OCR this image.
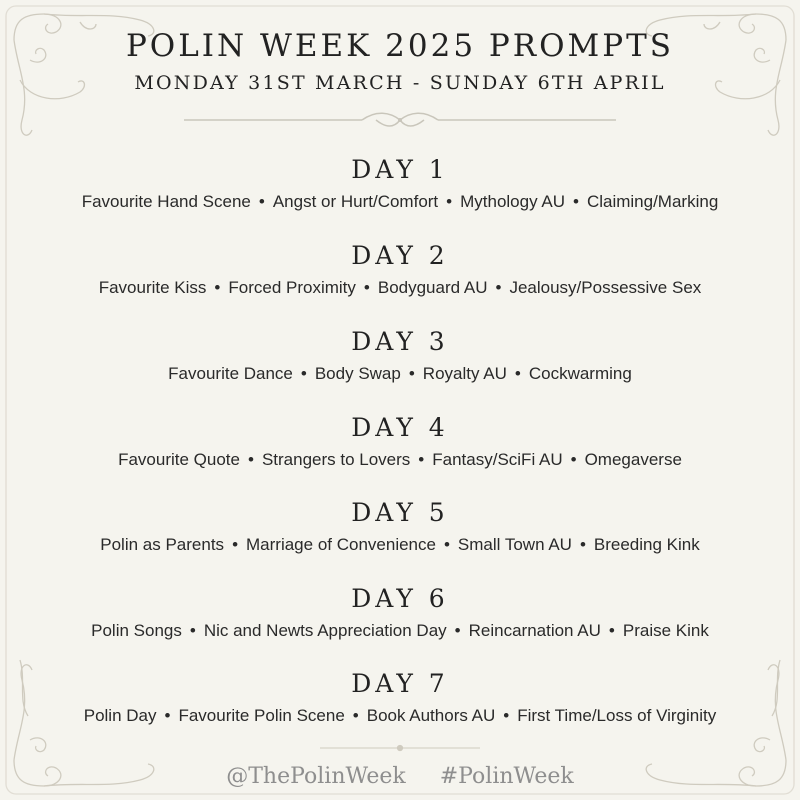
POLIN WEEK 2025 PROMPTS
MONDAY 31ST MARCH - SUNDAY 6TH APRIL
DAY 1
Favourite Hand Scene • Angst or Hurt/Comfort • Mythology AU • Claiming/Marking
DAY 2
Favourite Kiss • Forced Proximity • Bodyguard AU • Jealousy/Possessive Sex
DAY 3
Favourite Dance • Body Swap • Royalty AU • Cockwarming
DAY 4
Favourite Quote • Strangers to Lovers • Fantasy/SciFi AU • Omegaverse
DAY 5
Polin as Parents • Marriage of Convenience • Small Town AU • Breeding Kink
DAY 6
Polin Songs • Nic and Newts Appreciation Day • Reincarnation AU • Praise Kink
DAY 7
Polin Day • Favourite Polin Scene • Book Authors AU • First Time/Loss of Virginity
@ThePolinWeek #PolinWeek
